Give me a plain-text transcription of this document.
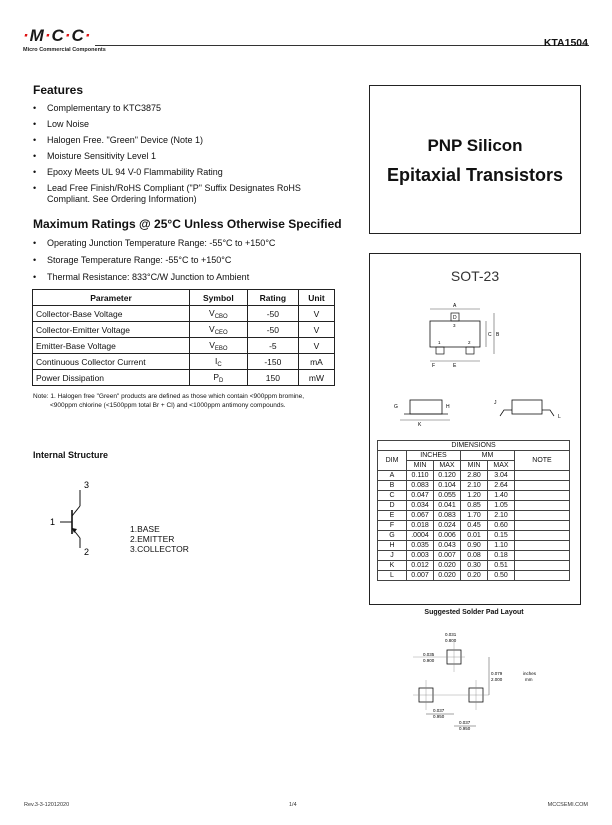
·M·C·C·
Micro Commercial Components
KTA1504
Features
• Complementary to KTC3875
• Low Noise
• Halogen Free. "Green" Device (Note 1)
• Moisture Sensitivity Level 1
• Epoxy Meets UL 94 V-0 Flammability Rating
• Lead Free Finish/RoHS Compliant ("P" Suffix Designates RoHS Compliant. See Ordering Information)
Maximum Ratings @ 25°C Unless Otherwise Specified
• Operating Junction Temperature Range: -55°C to +150°C
• Storage Temperature Range: -55°C to +150°C
• Thermal Resistance: 833°C/W Junction to Ambient
Parameter	Symbol	Rating	Unit
Collector-Base Voltage	$V_{CBO}$	-50	V
Collector-Emitter Voltage	$V_{CEO}$	-50	V
Emitter-Base Voltage	$V_{EBO}$	-5	V
Continuous Collector Current	$I_C$	-150	mA
Power Dissipation	$P_D$	150	mW
Note: 1. Halogen free "Green" products are defined as those which contain <900ppm bromine,
<900ppm chlorine (<1500ppm total Br + Cl) and <1000ppm antimony compounds.
Internal Structure
3
1
2
1.BASE
2.EMITTER
3.COLLECTOR
PNP Silicon
Epitaxial Transistors
SOT-23
A
D
C B
F	E
1	2
3
G	H
K
J
L
DIMENSIONS					
DIM	INCHES		MM		NOTE
	MIN	MAX	MIN	MAX	
A	0.110	0.120	2.80	3.04	
B	0.083	0.104	2.10	2.64	
C	0.047	0.055	1.20	1.40	
D	0.034	0.041	0.85	1.05	
E	0.067	0.083	1.70	2.10	
F	0.018	0.024	0.45	0.60	
G	.0004	0.006	0.01	0.15	
H	0.035	0.043	0.90	1.10	
J	0.003	0.007	0.08	0.18	
K	0.012	0.020	0.30	0.51	
L	0.007	0.020	0.20	0.50	
Suggested Solder Pad Layout
0.031
0.800
0.035
0.900
0.079
2.000
inches
mm
0.037
0.950
0.037
0.950
Rev.3-3-12012020	1/4	MCCSEMI.COM
